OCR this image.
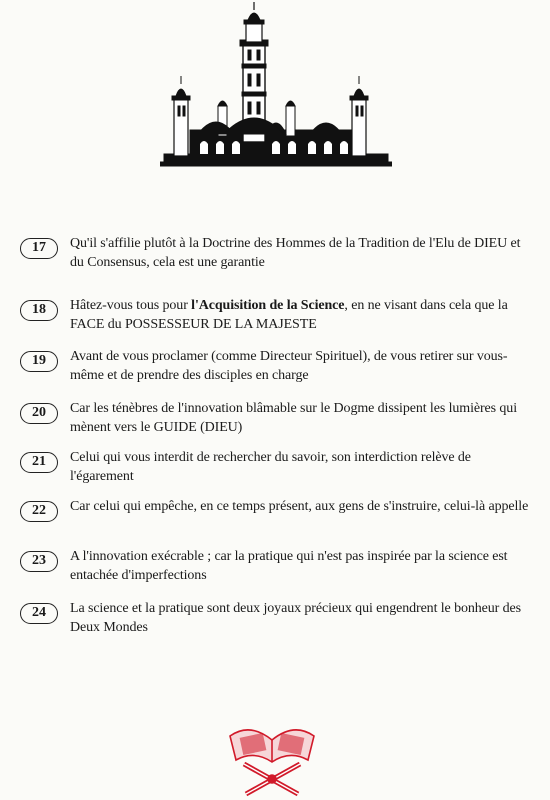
17	Qu'il s'affilie plutôt à la Doctrine des Hommes de la Tradition de l'Elu de DIEU et du Consensus, cela est une garantie
18	Hâtez-vous tous pour l'Acquisition de la Science, en ne visant dans cela que la FACE du POSSESSEUR DE LA MAJESTE
19	Avant de vous proclamer (comme Directeur Spirituel), de vous retirer sur vous-même et de prendre des disciples en charge
20	Car les ténèbres de l'innovation blâmable sur le Dogme dissipent les lumières qui mènent vers le GUIDE (DIEU)
21	Celui qui vous interdit de rechercher du savoir, son interdiction relève de l'égarement
22	Car celui qui empêche, en ce temps présent, aux gens de s'instruire, celui-là appelle
23	A l'innovation exécrable ; car la pratique qui n'est pas inspirée par la science est entachée d'imperfections
24	La science et la pratique sont deux joyaux précieux qui engendrent le bonheur des Deux Mondes
